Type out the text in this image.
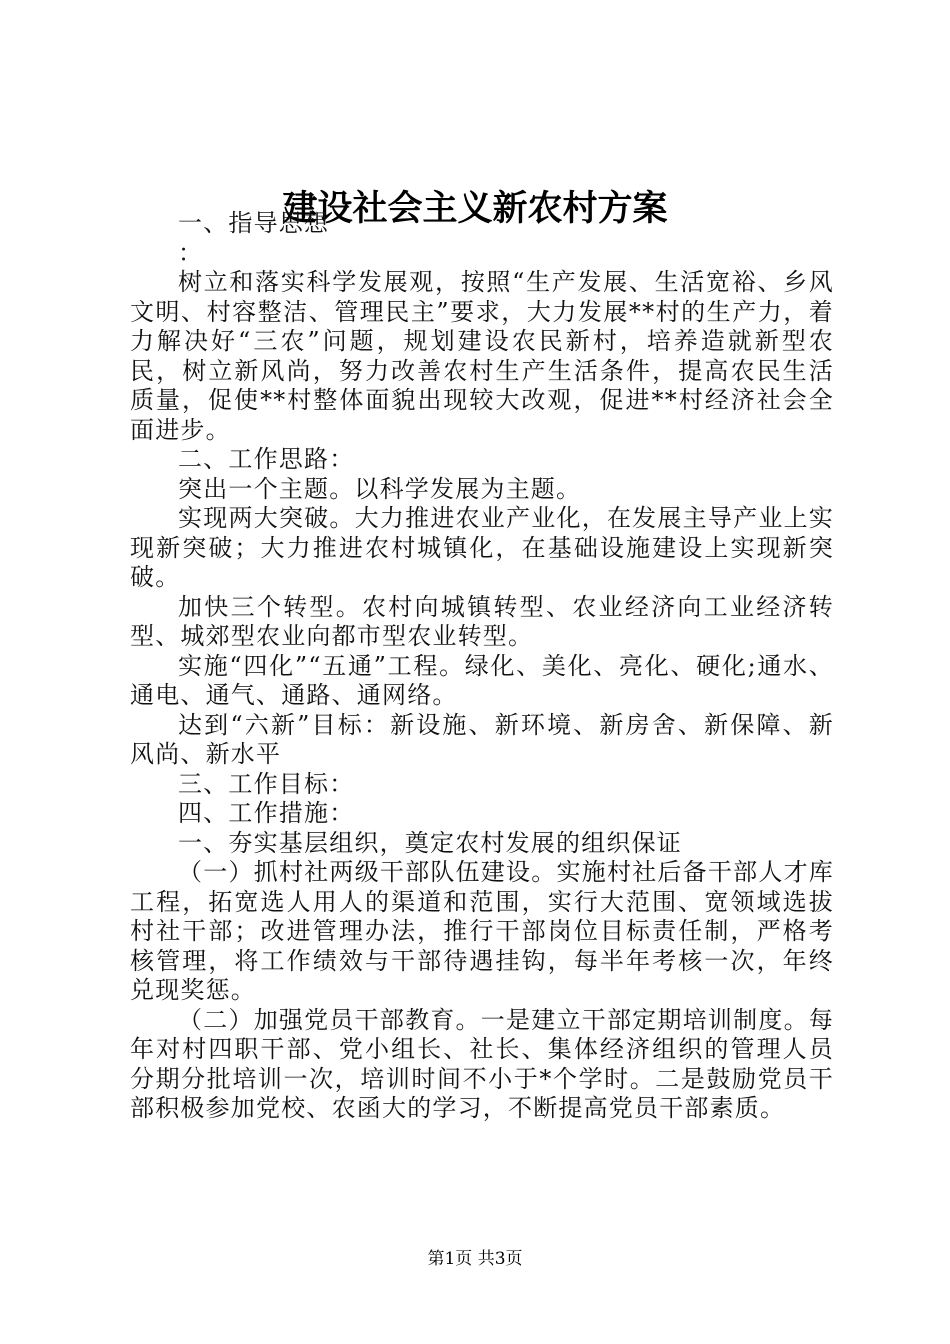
建设社会主义新农村方案

一、指导思想

：

树立和落实科学发展观，按照“生产发展、生活宽裕、乡风文明、村容整洁、管理民主”要求，大力发展**村的生产力，着力解决好“三农”问题，规划建设农民新村，培养造就新型农民，树立新风尚，努力改善农村生产生活条件，提高农民生活质量，促使**村整体面貌出现较大改观，促进**村经济社会全面进步。

二、工作思路：

突出一个主题。以科学发展为主题。

实现两大突破。大力推进农业产业化，在发展主导产业上实现新突破；大力推进农村城镇化，在基础设施建设上实现新突破。

加快三个转型。农村向城镇转型、农业经济向工业经济转型、城郊型农业向都市型农业转型。

实施“四化”“五通”工程。绿化、美化、亮化、硬化;通水、通电、通气、通路、通网络。

达到“六新”目标：新设施、新环境、新房舍、新保障、新风尚、新水平

三、工作目标：

四、工作措施：

一、夯实基层组织，奠定农村发展的组织保证

（一）抓村社两级干部队伍建设。实施村社后备干部人才库工程，拓宽选人用人的渠道和范围，实行大范围、宽领域选拔村社干部；改进管理办法，推行干部岗位目标责任制，严格考核管理，将工作绩效与干部待遇挂钩，每半年考核一次，年终兑现奖惩。

（二）加强党员干部教育。一是建立干部定期培训制度。每年对村四职干部、党小组长、社长、集体经济组织的管理人员分期分批培训一次，培训时间不小于*个学时。二是鼓励党员干部积极参加党校、农函大的学习，不断提高党员干部素质。

第1页 共3页
